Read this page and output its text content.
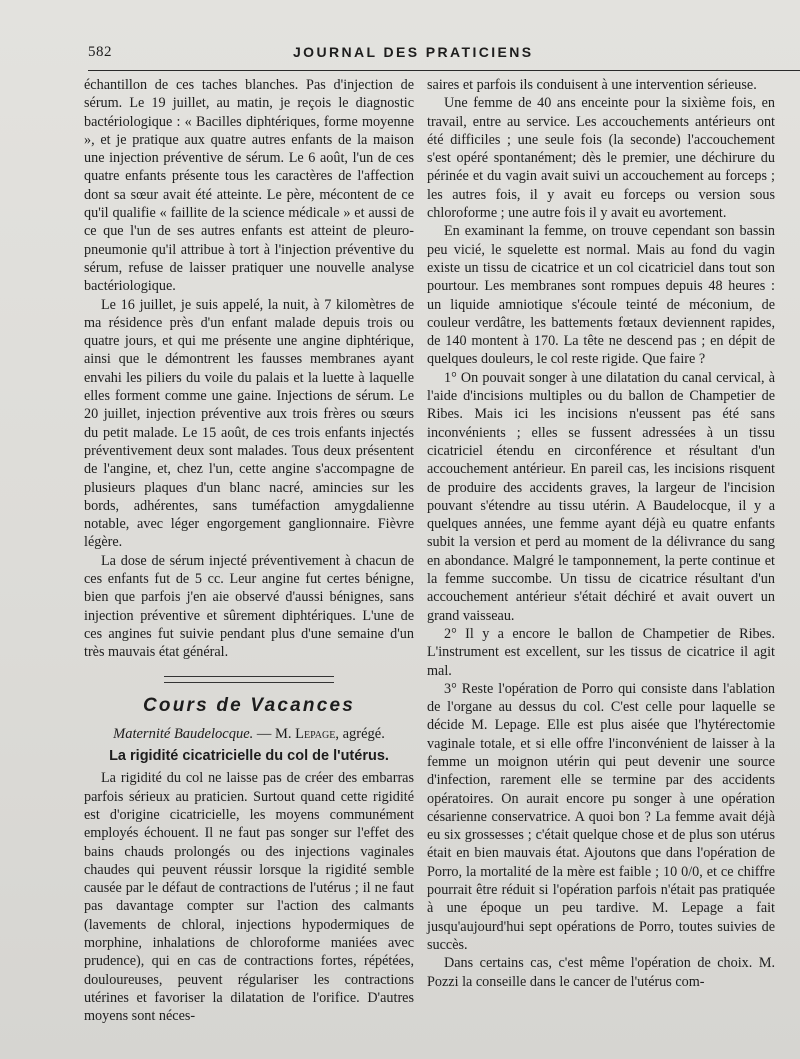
582	JOURNAL DES PRATICIENS

échantillon de ces taches blanches. Pas d'injection de sérum. Le 19 juillet, au matin, je reçois le diagnostic bactériologique : « Bacilles diphtériques, forme moyenne », et je pratique aux quatre autres enfants de la maison une injection préventive de sérum. Le 6 août, l'un de ces quatre enfants présente tous les caractères de l'affection dont sa sœur avait été atteinte. Le père, mécontent de ce qu'il qualifie « faillite de la science médicale » et aussi de ce que l'un de ses autres enfants est atteint de pleuro-pneumonie qu'il attribue à tort à l'injection préventive du sérum, refuse de laisser pratiquer une nouvelle analyse bactériologique.

Le 16 juillet, je suis appelé, la nuit, à 7 kilomètres de ma résidence près d'un enfant malade depuis trois ou quatre jours, et qui me présente une angine diphtérique, ainsi que le démontrent les fausses membranes ayant envahi les piliers du voile du palais et la luette à laquelle elles forment comme une gaine. Injections de sérum. Le 20 juillet, injection préventive aux trois frères ou sœurs du petit malade. Le 15 août, de ces trois enfants injectés préventivement deux sont malades. Tous deux présentent de l'angine, et, chez l'un, cette angine s'accompagne de plusieurs plaques d'un blanc nacré, amincies sur les bords, adhérentes, sans tuméfaction amygdalienne notable, avec léger engorgement ganglionnaire. Fièvre légère.

La dose de sérum injecté préventivement à chacun de ces enfants fut de 5 cc. Leur angine fut certes bénigne, bien que parfois j'en aie observé d'aussi bénignes, sans injection préventive et sûrement diphtériques. L'une de ces angines fut suivie pendant plus d'une semaine d'un très mauvais état général.

Cours de Vacances
Maternité Baudelocque. — M. Lepage, agrégé.
La rigidité cicatricielle du col de l'utérus.

La rigidité du col ne laisse pas de créer des embarras parfois sérieux au praticien. Surtout quand cette rigidité est d'origine cicatricielle, les moyens communément employés échouent. Il ne faut pas songer sur l'effet des bains chauds prolongés ou des injections vaginales chaudes qui peuvent réussir lorsque la rigidité semble causée par le défaut de contractions de l'utérus ; il ne faut pas davantage compter sur l'action des calmants (lavements de chloral, injections hypodermiques de morphine, inhalations de chloroforme maniées avec prudence), qui en cas de contractions fortes, répétées, douloureuses, peuvent régulariser les contractions utérines et favoriser la dilatation de l'orifice. D'autres moyens sont néces-

saires et parfois ils conduisent à une intervention sérieuse.

Une femme de 40 ans enceinte pour la sixième fois, en travail, entre au service. Les accouchements antérieurs ont été difficiles ; une seule fois (la seconde) l'accouchement s'est opéré spontanément; dès le premier, une déchirure du périnée et du vagin avait suivi un accouchement au forceps ; les autres fois, il y avait eu forceps ou version sous chloroforme ; une autre fois il y avait eu avortement.

En examinant la femme, on trouve cependant son bassin peu vicié, le squelette est normal. Mais au fond du vagin existe un tissu de cicatrice et un col cicatriciel dans tout son pourtour. Les membranes sont rompues depuis 48 heures : un liquide amniotique s'écoule teinté de méconium, de couleur verdâtre, les battements fœtaux deviennent rapides, de 140 montent à 170. La tête ne descend pas ; en dépit de quelques douleurs, le col reste rigide. Que faire ?

1° On pouvait songer à une dilatation du canal cervical, à l'aide d'incisions multiples ou du ballon de Champetier de Ribes. Mais ici les incisions n'eussent pas été sans inconvénients ; elles se fussent adressées à un tissu cicatriciel étendu en circonférence et résultant d'un accouchement antérieur. En pareil cas, les incisions risquent de produire des accidents graves, la largeur de l'incision pouvant s'étendre au tissu utérin. A Baudelocque, il y a quelques années, une femme ayant déjà eu quatre enfants subit la version et perd au moment de la délivrance du sang en abondance. Malgré le tamponnement, la perte continue et la femme succombe. Un tissu de cicatrice résultant d'un accouchement antérieur s'était déchiré et avait ouvert un grand vaisseau.

2° Il y a encore le ballon de Champetier de Ribes. L'instrument est excellent, sur les tissus de cicatrice il agit mal.

3° Reste l'opération de Porro qui consiste dans l'ablation de l'organe au dessus du col. C'est celle pour laquelle se décide M. Lepage. Elle est plus aisée que l'hytérectomie vaginale totale, et si elle offre l'inconvénient de laisser à la femme un moignon utérin qui peut devenir une source d'infection, rarement elle se termine par des accidents opératoires. On aurait encore pu songer à une opération césarienne conservatrice. A quoi bon ? La femme avait déjà eu six grossesses ; c'était quelque chose et de plus son utérus était en bien mauvais état. Ajoutons que dans l'opération de Porro, la mortalité de la mère est faible ; 10 0/0, et ce chiffre pourrait être réduit si l'opération parfois n'était pas pratiquée à une époque un peu tardive. M. Lepage a fait jusqu'aujourd'hui sept opérations de Porro, toutes suivies de succès.

Dans certains cas, c'est même l'opération de choix. M. Pozzi la conseille dans le cancer de l'utérus com-
